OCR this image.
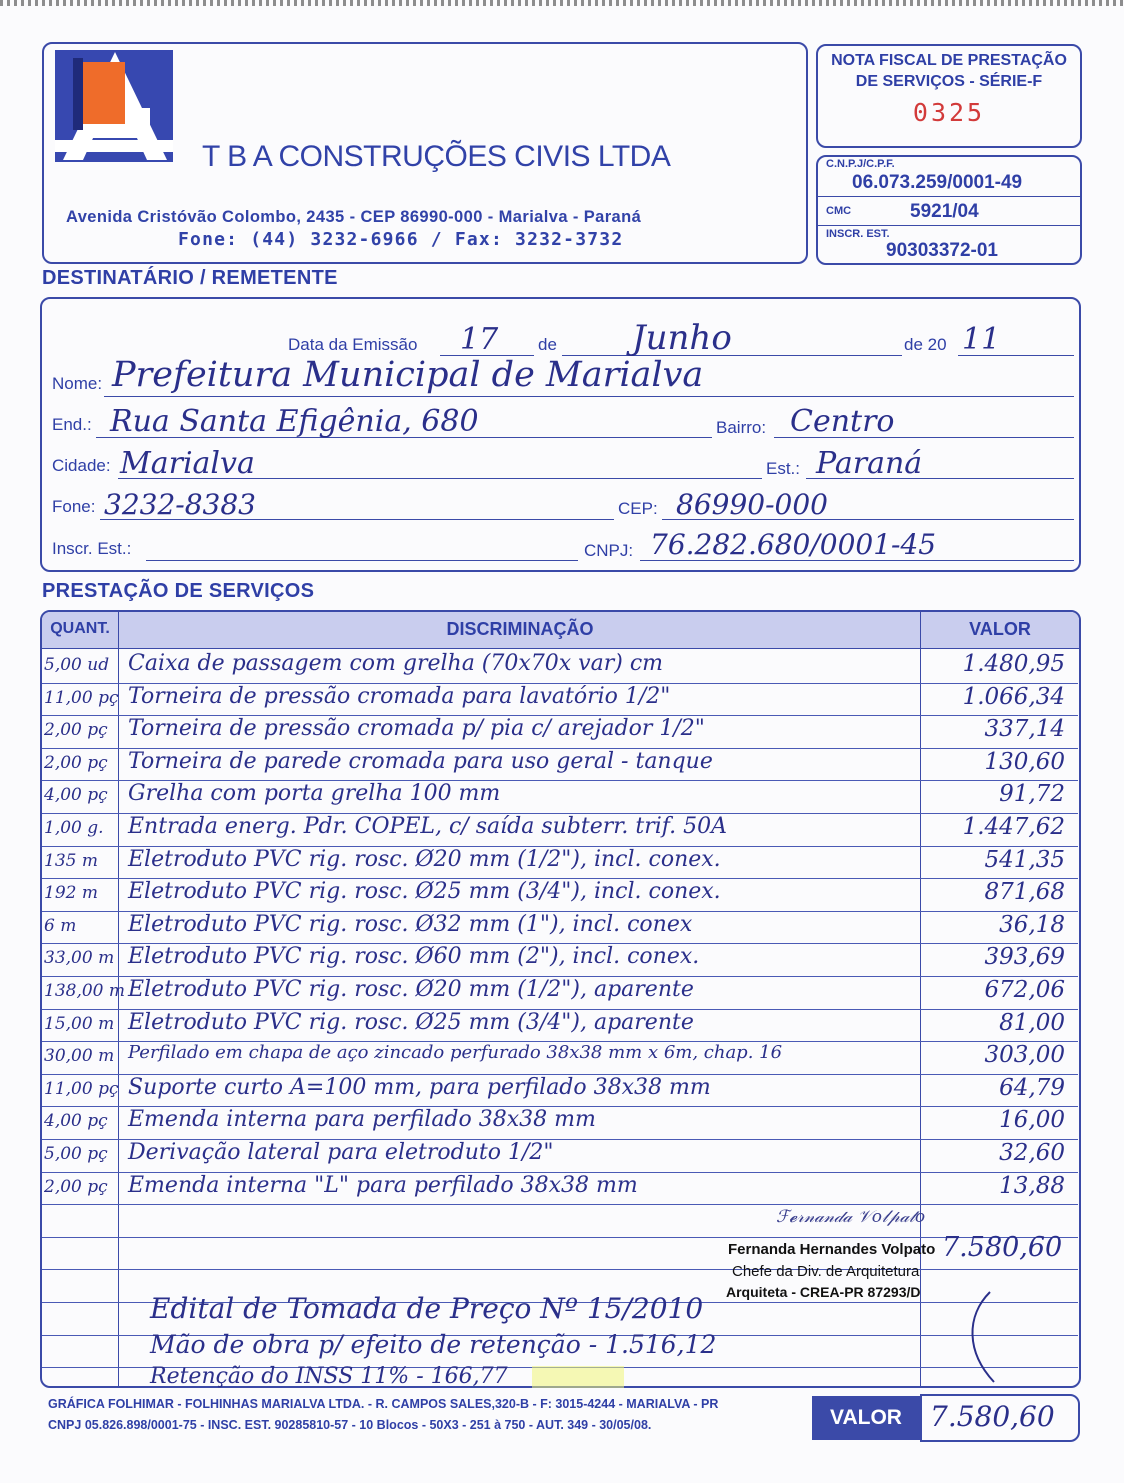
T B A CONSTRUÇÕES CIVIS LTDA
Avenida Cristóvão Colombo, 2435 - CEP 86990-000 - Marialva - Paraná
Fone: (44) 3232-6966 / Fax: 3232-3732
NOTA FISCAL DE PRESTAÇÃO
DE SERVIÇOS - SÉRIE-F
0325
C.N.P.J/C.P.F.
06.073.259/0001-49
CMC	5921/04
INSCR. EST.
90303372-01
DESTINATÁRIO / REMETENTE
Data da Emissão 17 de Junho	de 20 11
Nome: Prefeitura Municipal de Marialva
End.: Rua Santa Efigênia, 680	Bairro: Centro
Cidade: Marialva	Est.: Paraná
Fone: 3232-8383	CEP: 86990-000
Inscr. Est.:	CNPJ: 76.282.680/0001-45
PRESTAÇÃO DE SERVIÇOS
QUANT.	DISCRIMINAÇÃO	VALOR
5,00 ud Caixa de passagem com grelha (70x70x var) cm	1.480,95
11,00 pç Torneira de pressão cromada para lavatório 1/2"	1.066,34
2,00 pç Torneira de pressão cromada p/ pia c/ arejador 1/2"	337,14
2,00 pç Torneira de parede cromada para uso geral - tanque	130,60
4,00 pç Grelha com porta grelha 100 mm	91,72
1,00 g.	Entrada energ. Pdr. COPEL, c/ saída subterr. trif. 50A	1.447,62
135 m	Eletroduto PVC rig. rosc. Ø20 mm (1/2"), incl. conex.	541,35
192 m	Eletroduto PVC rig. rosc. Ø25 mm (3/4"), incl. conex.	871,68
6 m	Eletroduto PVC rig. rosc. Ø32 mm (1"), incl. conex	36,18
33,00 m Eletroduto PVC rig. rosc. Ø60 mm (2"), incl. conex.	393,69
138,00 m Eletroduto PVC rig. rosc. Ø20 mm (1/2"), aparente	672,06
15,00 m Eletroduto PVC rig. rosc. Ø25 mm (3/4"), aparente	81,00
30,00 m Perfilado em chapa de aço zincado perfurado 38x38 mm x 6m, chap. 16	303,00
11,00 pç Suporte curto A=100 mm, para perfilado 38x38 mm	64,79
4,00 pç Emenda interna para perfilado 38x38 mm	16,00
5,00 pç Derivação lateral para eletroduto 1/2"	32,60
2,00 pç Emenda interna "L" para perfilado 38x38 mm	13,88
ℱ𝓮𝓇𝓃𝒶𝓃𝒹𝒶 𝒱𝑜𝓁𝓅𝒶𝓉𝑜
Fernanda Hernandes Volpato
Chefe da Div. de Arquitetura
Arquiteta - CREA-PR 87293/D
7.580,60
Edital de Tomada de Preço Nº 15/2010
Mão de obra p/ efeito de retenção - 1.516,12
Retenção do INSS 11% - 166,77
GRÁFICA FOLHIMAR - FOLHINHAS MARIALVA LTDA. - R. CAMPOS SALES,320-B - F: 3015-4244 - MARIALVA - PR
CNPJ 05.826.898/0001-75 - INSC. EST. 90285810-57 - 10 Blocos - 50X3 - 251 à 750 - AUT. 349 - 30/05/08.	VALOR	7.580,60
